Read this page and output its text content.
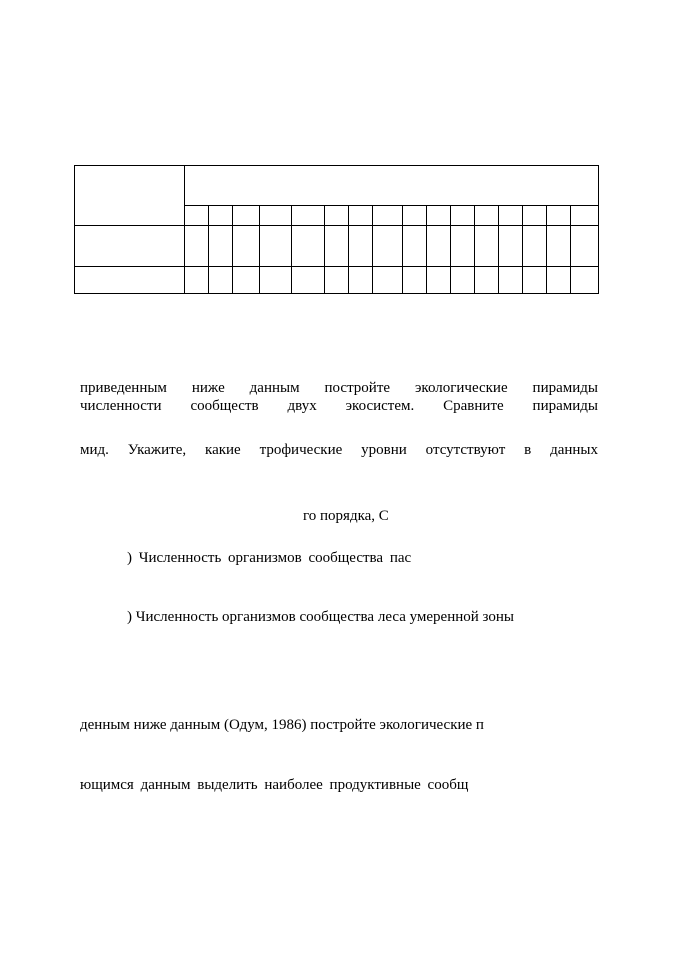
приведенным ниже данным постройте экологические пирамиды

численности сообществ двух экосистем. Сравните пирамиды

мид. Укажите, какие трофические уровни отсутствуют в данных

го порядка, С

) Численность организмов сообщества пас

) Численность организмов сообщества леса умеренной зоны

денным ниже данным (Одум, 1986) постройте экологические п

ющимся данным выделить наиболее продуктивные сообщ
